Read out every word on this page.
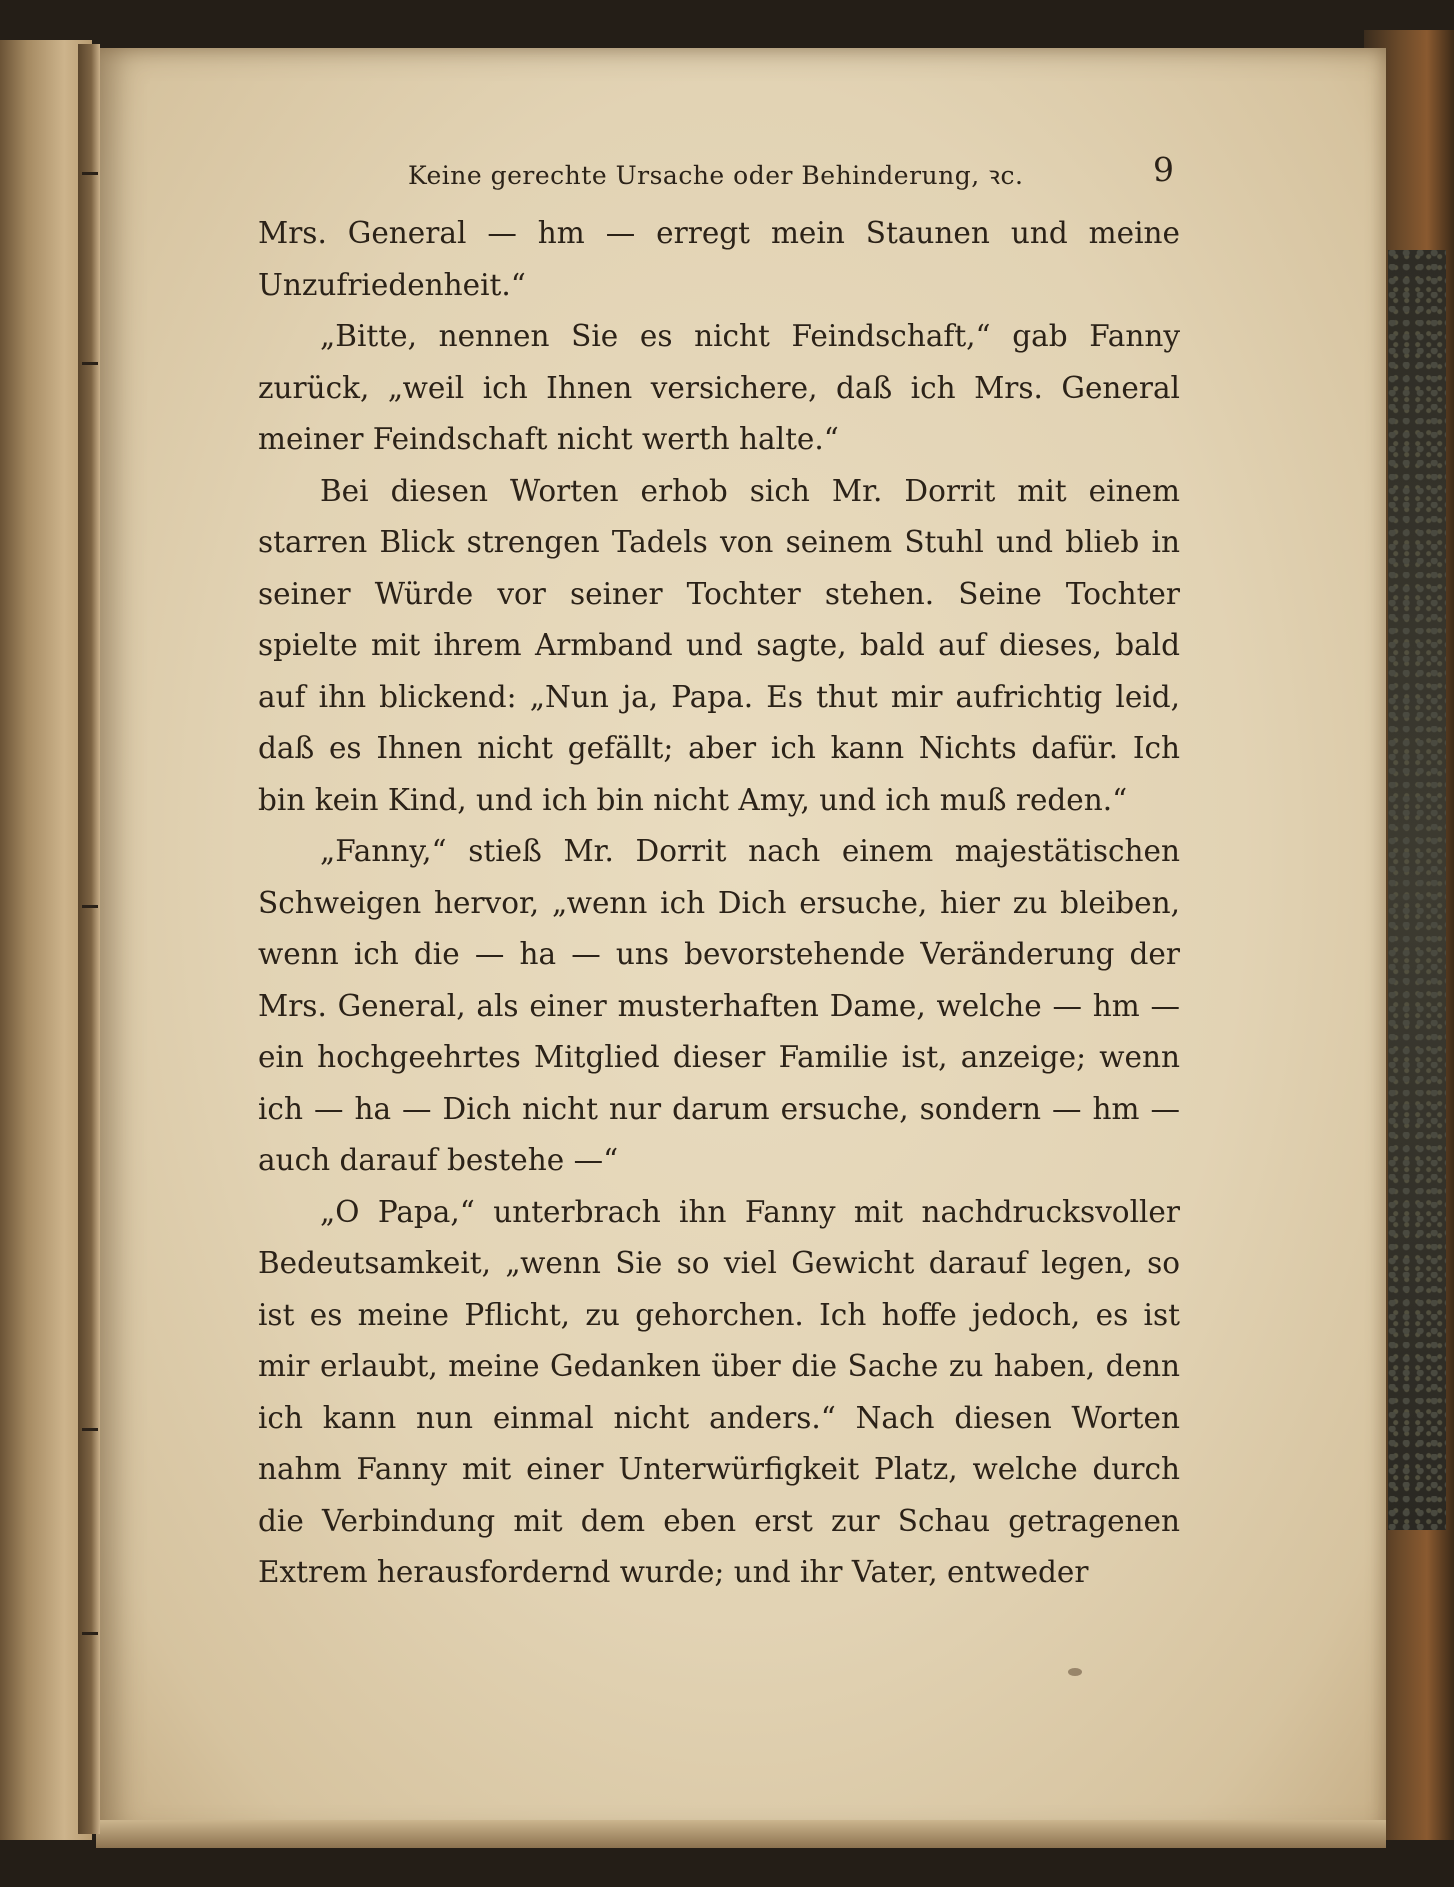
Keine gerechte Ursache oder Behinderung, ꝛc.	9

Mrs. General — hm — erregt mein Staunen und meine Unzufriedenheit.“

„Bitte, nennen Sie es nicht Feindschaft,“ gab Fanny zurück, „weil ich Ihnen versichere, daß ich Mrs. General meiner Feindschaft nicht werth halte.“

Bei diesen Worten erhob sich Mr. Dorrit mit einem starren Blick strengen Tadels von seinem Stuhl und blieb in seiner Würde vor seiner Tochter stehen. Seine Tochter spielte mit ihrem Armband und sagte, bald auf dieses, bald auf ihn blickend: „Nun ja, Papa. Es thut mir aufrichtig leid, daß es Ihnen nicht gefällt; aber ich kann Nichts dafür. Ich bin kein Kind, und ich bin nicht Amy, und ich muß reden.“

„Fanny,“ stieß Mr. Dorrit nach einem majestätischen Schweigen hervor, „wenn ich Dich ersuche, hier zu bleiben, wenn ich die — ha — uns bevorstehende Veränderung der Mrs. General, als einer musterhaften Dame, welche — hm — ein hochgeehrtes Mitglied dieser Familie ist, anzeige; wenn ich — ha — Dich nicht nur darum ersuche, sondern — hm — auch darauf bestehe —“

„O Papa,“ unterbrach ihn Fanny mit nachdrucksvoller Bedeutsamkeit, „wenn Sie so viel Gewicht darauf legen, so ist es meine Pflicht, zu gehorchen. Ich hoffe jedoch, es ist mir erlaubt, meine Gedanken über die Sache zu haben, denn ich kann nun einmal nicht anders.“ Nach diesen Worten nahm Fanny mit einer Unterwürfigkeit Platz, welche durch die Verbindung mit dem eben erst zur Schau getragenen Extrem herausfordernd wurde; und ihr Vater, entweder
